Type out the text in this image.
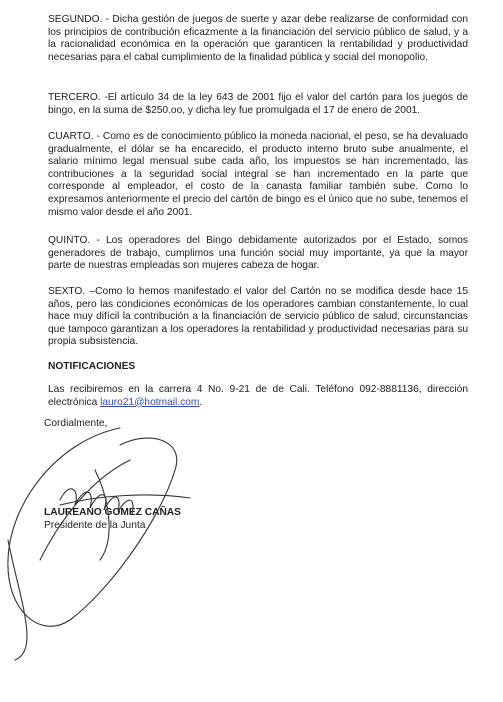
SEGUNDO. - Dicha gestión de juegos de suerte y azar debe realizarse de conformidad con los principios de contribución eficazmente a la financiación del servicio público de salud, y a la racionalidad económica en la operación que garanticen la rentabilidad y productividad necesarias para el cabal cumplimiento de la finalidad pública y social del monopolio.

TERCERO. -El artículo 34 de la ley 643 de 2001 fijo el valor del cartón para los juegos de bingo, en la suma de $250.oo, y dicha ley fue promulgada el 17 de enero de 2001.

CUARTO. - Como es de conocimiento público la moneda nacional, el peso, se ha devaluado gradualmente, el dólar se ha encarecido, el producto interno bruto sube anualmente, el salario mínimo legal mensual sube cada año, los impuestos se han incrementado, las contribuciones a la seguridad social integral se han incrementado en la parte que corresponde al empleador, el costo de la canasta familiar también sube. Como lo expresamos anteriormente el precio del cartón de bingo es el único que no sube, tenemos el mismo valor desde el año 2001.

QUINTO. - Los operadores del Bingo debidamente autorizados por el Estado, somos generadores de trabajo, cumplimos una función social muy importante, ya que la mayor parte de nuestras empleadas son mujeres cabeza de hogar.

SEXTO. –Como lo hemos manifestado el valor del Cartón no se modifica desde hace 15 años, pero las condiciones económicas de los operadores cambian constantemente, lo cual hace muy difícil la contribución a la financiación de servicio público de salud, circunstancias que tampoco garantizan a los operadores la rentabilidad y productividad necesarias para su propia subsistencia.

NOTIFICACIONES

Las recibiremos en la carrera 4 No. 9-21 de de Cali. Teléfono 092-8881136, dirección electrónica lauro21@hotmail.com.

Cordialmente,
LAUREANO GOMEZ CAÑAS
Presidente de la Junta
